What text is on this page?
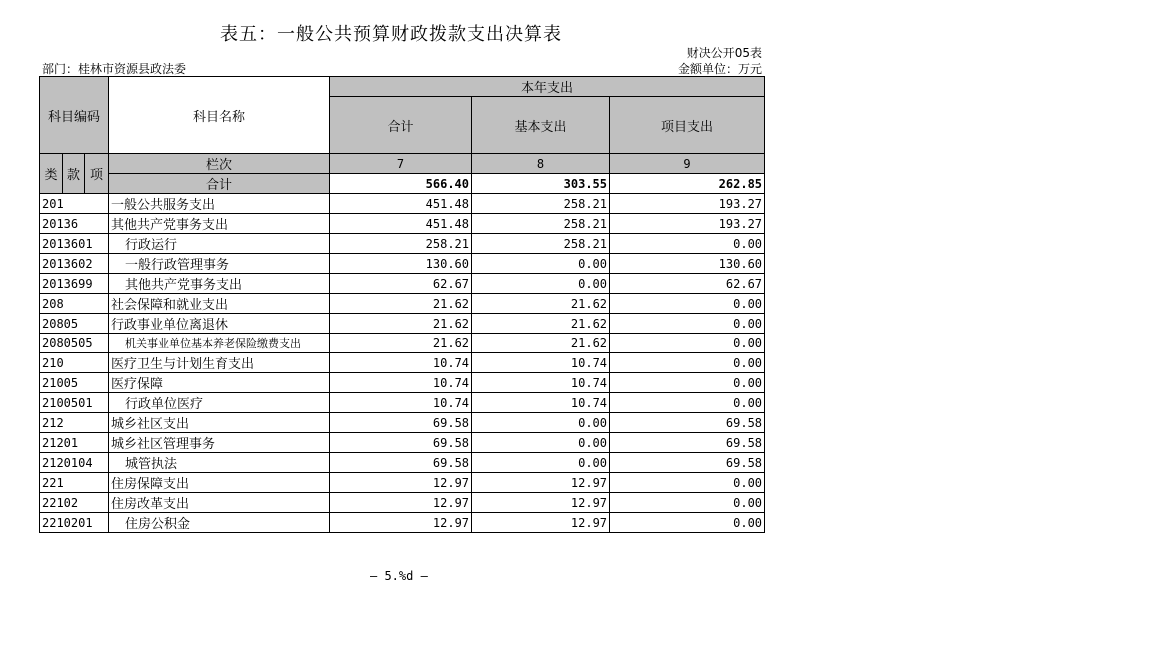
表五：一般公共预算财政拨款支出决算表
财决公开05表
部门：桂林市资源县政法委	金额单位：万元
科目编码			科目名称	本年支出		
				合计	基本支出	项目支出
类	款	项	栏次	7	8	9
			合计	566.40	303.55	262.85
201			一般公共服务支出	451.48	258.21	193.27
20136			其他共产党事务支出	451.48	258.21	193.27
2013601			行政运行	258.21	258.21	0.00
2013602			一般行政管理事务	130.60	0.00	130.60
2013699			其他共产党事务支出	62.67	0.00	62.67
208			社会保障和就业支出	21.62	21.62	0.00
20805			行政事业单位离退休	21.62	21.62	0.00
2080505			机关事业单位基本养老保险缴费支出	21.62	21.62	0.00
210			医疗卫生与计划生育支出	10.74	10.74	0.00
21005			医疗保障	10.74	10.74	0.00
2100501			行政单位医疗	10.74	10.74	0.00
212			城乡社区支出	69.58	0.00	69.58
21201			城乡社区管理事务	69.58	0.00	69.58
2120104			城管执法	69.58	0.00	69.58
221			住房保障支出	12.97	12.97	0.00
22102			住房改革支出	12.97	12.97	0.00
2210201			住房公积金	12.97	12.97	0.00
— 5.%d —
